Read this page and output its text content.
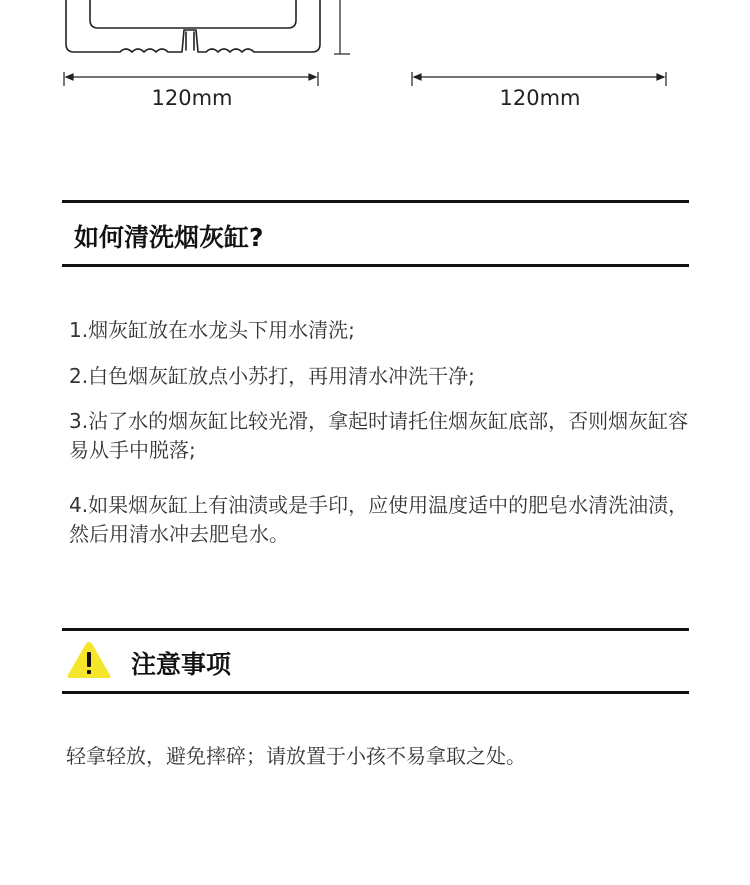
120mm	120mm
如何清洗烟灰缸?

1.烟灰缸放在水龙头下用水清洗;

2.白色烟灰缸放点小苏打，再用清水冲洗干净;

3.沾了水的烟灰缸比较光滑，拿起时请托住烟灰缸底部，否则烟灰缸容易从手中脱落;

4.如果烟灰缸上有油渍或是手印，应使用温度适中的肥皂水清洗油渍，然后用清水冲去肥皂水。

注意事项

轻拿轻放，避免摔碎；请放置于小孩不易拿取之处。
